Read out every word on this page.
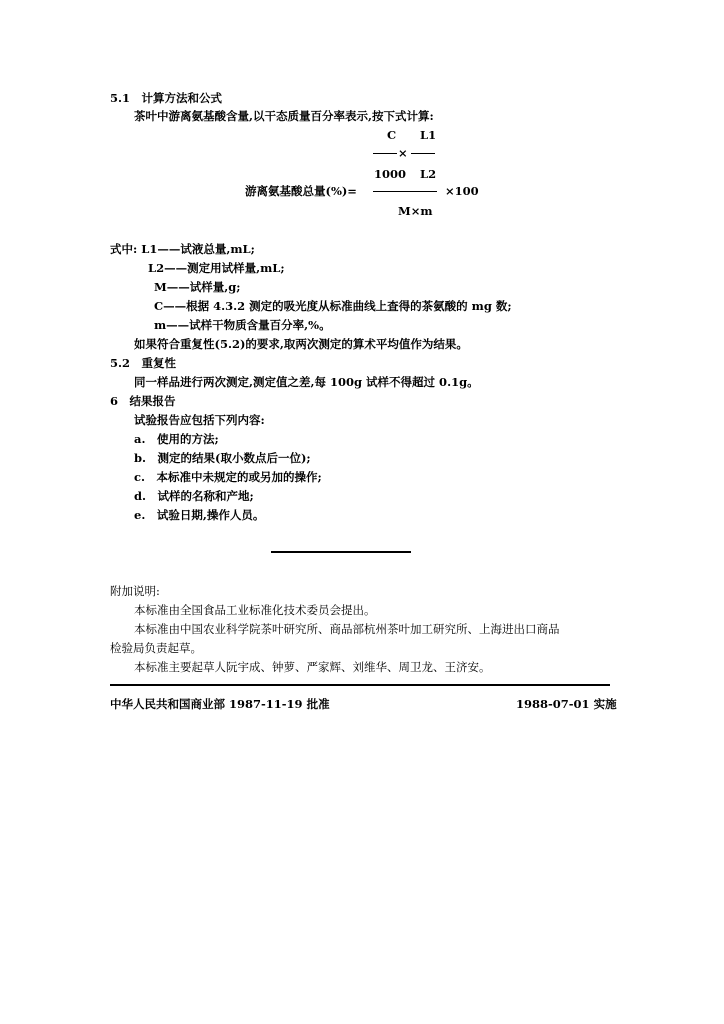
5.1　计算方法和公式
茶叶中游离氨基酸含量,以干态质量百分率表示,按下式计算:
C L1
×
1000 L2
游离氨基酸总量(%)=	×100
M×m
式中: L1——试液总量,mL;
L2——测定用试样量,mL;
M——试样量,g;
C——根据 4.3.2 测定的吸光度从标准曲线上查得的茶氨酸的 mg 数;
m——试样干物质含量百分率,%。
如果符合重复性(5.2)的要求,取两次测定的算术平均值作为结果。
5.2　重复性
同一样品进行两次测定,测定值之差,每 100g 试样不得超过 0.1g。
6　结果报告
试验报告应包括下列内容:
a.　使用的方法;
b.　测定的结果(取小数点后一位);
c.　本标准中未规定的或另加的操作;
d.　试样的名称和产地;
e.　试验日期,操作人员。
附加说明:
本标准由全国食品工业标准化技术委员会提出。
本标准由中国农业科学院茶叶研究所、商品部杭州茶叶加工研究所、上海进出口商品
检验局负责起草。
本标准主要起草人阮宇成、钟萝、严家辉、刘维华、周卫龙、王济安。
中华人民共和国商业部 1987-11-19 批准	1988-07-01 实施
